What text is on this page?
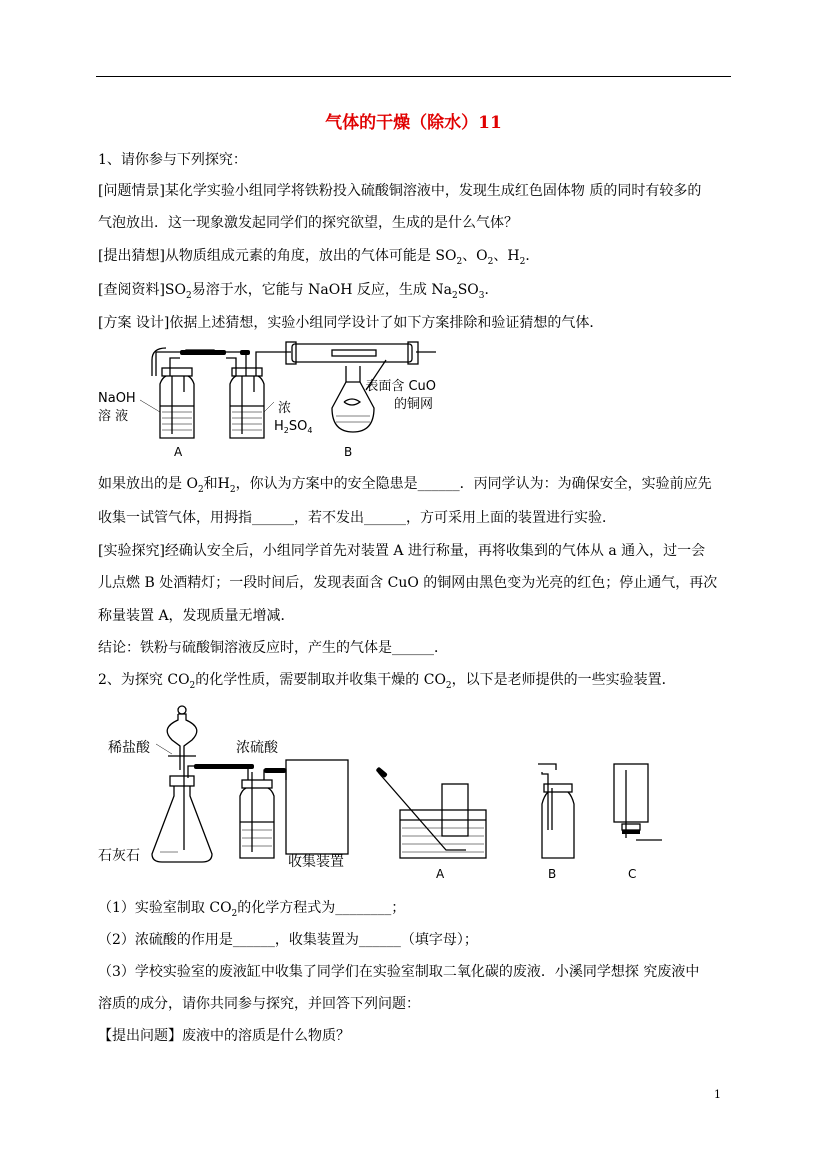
气体的干燥（除水）11
1、请你参与下列探究：
[问题情景]某化学实验小组同学将铁粉投入硫酸铜溶液中，发现生成红色固体物 质的同时有较多的
气泡放出．这一现象激发起同学们的探究欲望，生成的是什么气体？
[提出猜想]从物质组成元素的角度，放出的气体可能是 $SO_2$、$O_2$、$H_2$．
[查阅资料]$SO_2$易溶于水，它能与 NaOH 反应，生成 $Na_2SO_3$．
[方案 设计]依据上述猜想，实验小组同学设计了如下方案排除和验证猜想的气体．
NaOH
溶 液
浓
$H_2SO_4$
表面含 CuO
的铜网
A	B
如果放出的是 $O_2$和$H_2$，你认为方案中的安全隐患是______．丙同学认为：为确保安全，实验前应先
收集一试管气体，用拇指______，若不发出______，方可采用上面的装置进行实验．
[实验探究]经确认安全后，小组同学首先对装置 A 进行称量，再将收集到的气体从 a 通入，过一会
儿点燃 B 处酒精灯；一段时间后，发现表面含 CuO 的铜网由黑色变为光亮的红色；停止通气，再次
称量装置 A，发现质量无增减．
结论：铁粉与硫酸铜溶液反应时，产生的气体是______．
2、为探究 $CO_2$的化学性质，需要制取并收集干燥的 $CO_2$，以下是老师提供的一些实验装置．
稀盐酸	浓硫酸
石灰石	收集装置
A	B	C
（1）实验室制取 $CO_2$的化学方程式为________；
（2）浓硫酸的作用是______，收集装置为______（填字母）；
（3）学校实验室的废液缸中收集了同学们在实验室制取二氧化碳的废液．小溪同学想探 究废液中
溶质的成分，请你共同参与探究，并回答下列问题：
【提出问题】废液中的溶质是什么物质？
1
